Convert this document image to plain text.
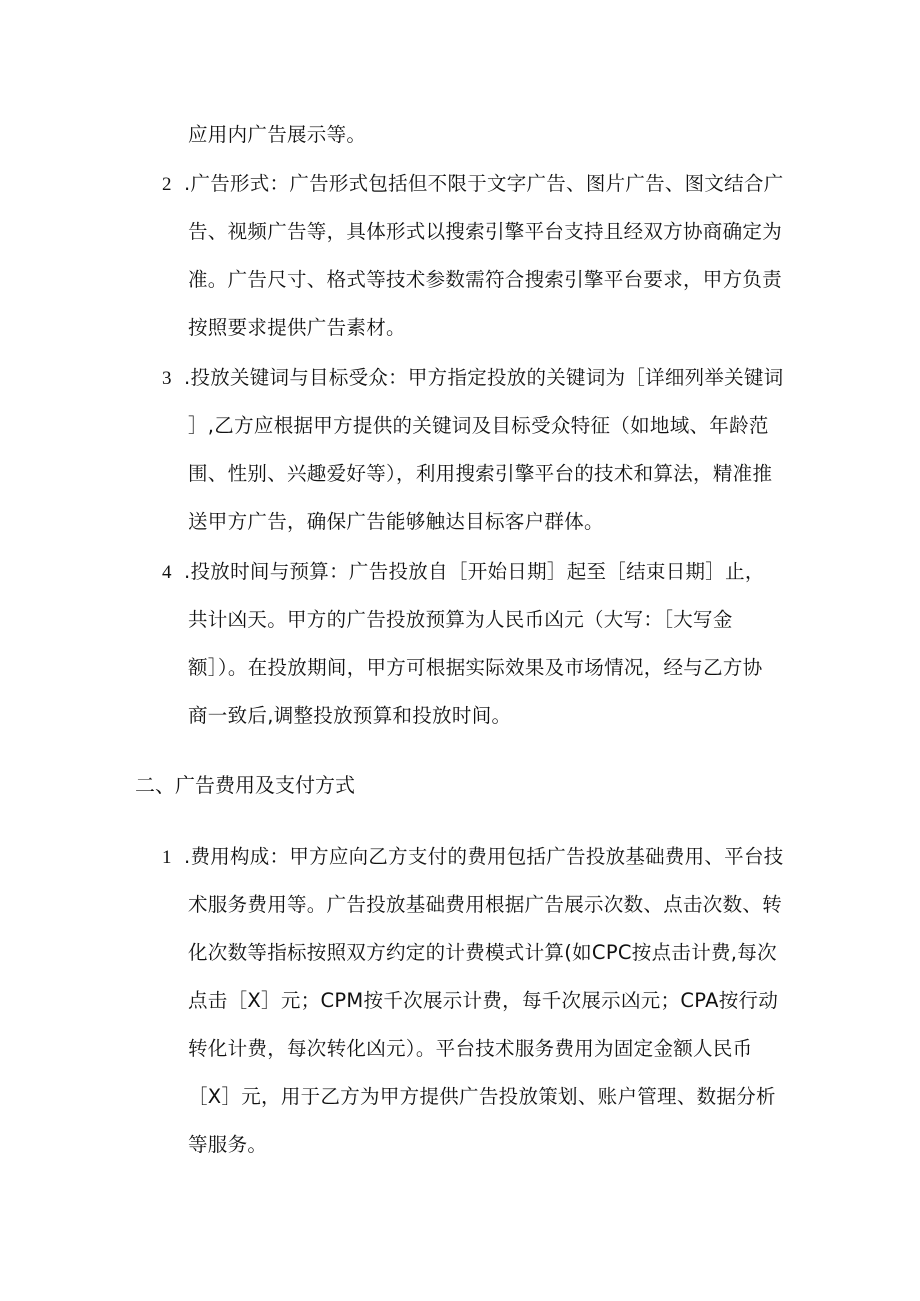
应用内广告展示等。
2 .广告形式：广告形式包括但不限于文字广告、图片广告、图文结合广
告、视频广告等，具体形式以搜索引擎平台支持且经双方协商确定为
准。广告尺寸、格式等技术参数需符合搜索引擎平台要求，甲方负责
按照要求提供广告素材。
3 .投放关键词与目标受众：甲方指定投放的关键词为［详细列举关键词
］,乙方应根据甲方提供的关键词及目标受众特征（如地域、年龄范
围、性别、兴趣爱好等），利用搜索引擎平台的技术和算法，精准推
送甲方广告，确保广告能够触达目标客户群体。
4 .投放时间与预算：广告投放自［开始日期］起至［结束日期］止，
共计凶天。甲方的广告投放预算为人民币凶元（大写：［大写金
额］）。在投放期间，甲方可根据实际效果及市场情况，经与乙方协
商一致后,调整投放预算和投放时间。
二、广告费用及支付方式
1 .费用构成：甲方应向乙方支付的费用包括广告投放基础费用、平台技
术服务费用等。广告投放基础费用根据广告展示次数、点击次数、转
化次数等指标按照双方约定的计费模式计算(如CPC按点击计费,每次
点击［X］元；CPM按千次展示计费，每千次展示凶元；CPA按行动
转化计费，每次转化凶元）。平台技术服务费用为固定金额人民币
［X］元，用于乙方为甲方提供广告投放策划、账户管理、数据分析
等服务。
